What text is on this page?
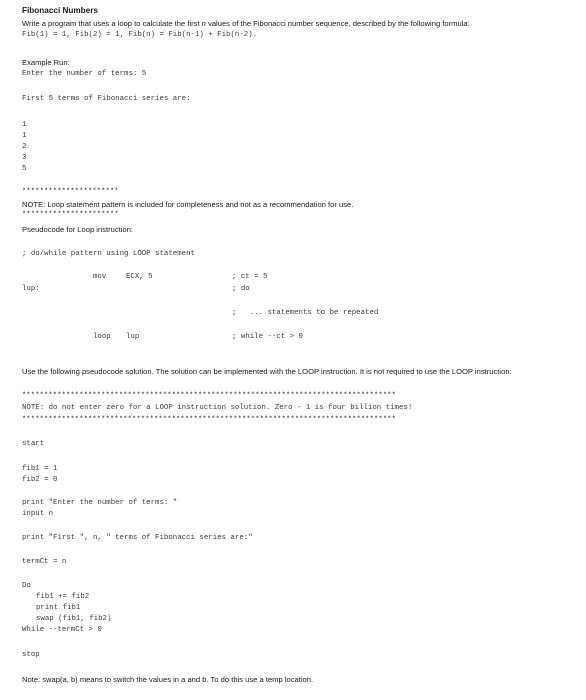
Fibonacci Numbers
Write a program that uses a loop to calculate the first n values of the Fibonacci number sequence, described by the following formula:
Fib(1) = 1, Fib(2) = 1, Fib(n) = Fib(n-1) + Fib(n-2).
Example Run:
Enter the number of terms: 5
First 5 terms of Fibonacci series are:
1
1
2
3
5
**********************
NOTE: Loop statement pattern is included for completeness and not as a recommendation for use.
**********************
Pseudocode for Loop instruction:
; do/while pattern using LOOP statement
mov	ECX, 5	; ct = 5
lup:	; do
;   ... statements to be repeated
loop lup	; while --ct > 0
Use the following pseudocode solution. The solution can be implemented with the LOOP instruction. It is not required to use the LOOP instruction:
*************************************************************************************
NOTE: do not enter zero for a LOOP instruction solution. Zero - 1 is four billion times!
*************************************************************************************
start
fib1 = 1
fib2 = 0
print "Enter the number of terms: "
input n
print "First ", n, " terms of Fibonacci series are:"
termCt = n
Do
fib1 += fib2
print fib1
swap (fib1, fib2)
While --termCt > 0
stop
Note: swap(a, b) means to switch the values in a and b. To do this use a temp location.
